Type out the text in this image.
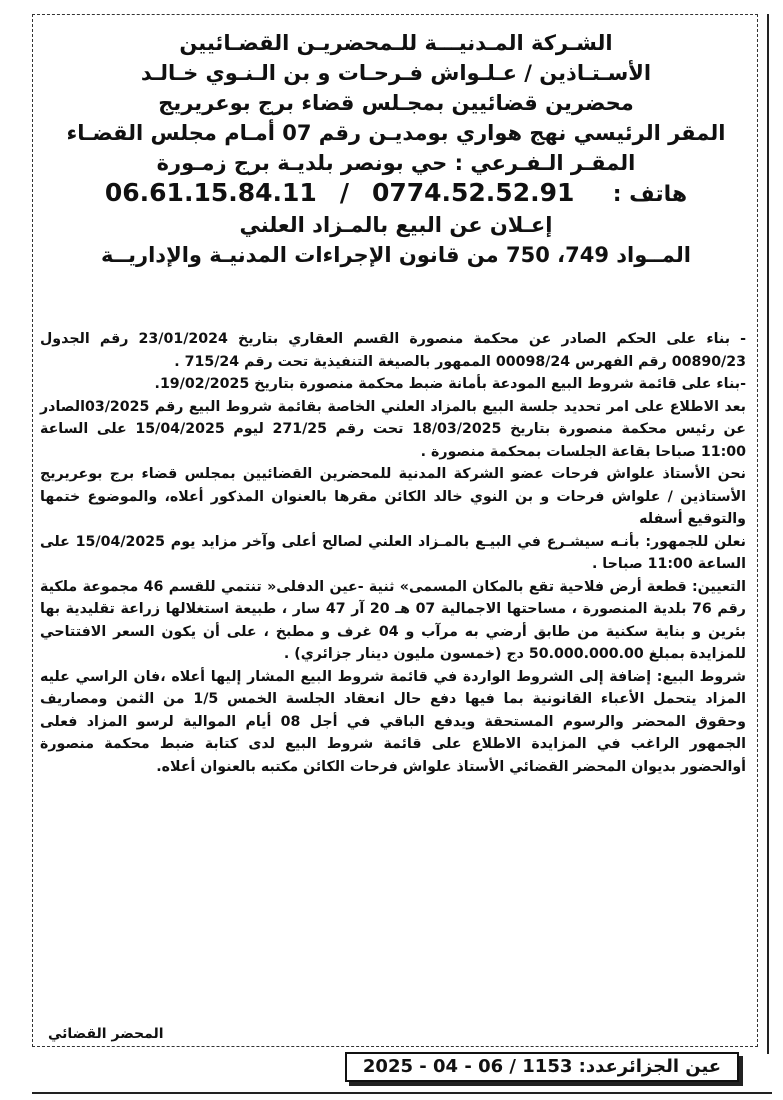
الشـركة المـدنيـــة للـمحضريـن القضـائيين
الأسـتـاذين / عـلـواش فـرحـات و بن الـنـوي خـالـد
محضرين قضائيين بمجـلس قضاء برج بوعريريج
المقر الرئيسي نهج هواري بومديـن رقم 07 أمـام مجلس القضـاء
المقـر الـفـرعي : حي بونصر بلديـة برج زمـورة
هاتف :     0774.52.52.91   /   06.61.15.84.11
إعـلان عن البيع بالمـزاد العلني
المــواد 749، 750 من قانون الإجراءات المدنيـة والإداريــة

- بناء على الحكم الصادر عن محكمة منصورة القسم العقاري بتاريخ 23/01/2024 رقم الجدول 00890/23 رقم الفهرس 00098/24 الممهور بالصيغة التنفيذية تحت رقم 715/24 .

-بناء على قائمة شروط البيع المودعة بأمانة ضبط محكمة منصورة بتاريخ 19/02/2025.

بعد الاطلاع على امر تحديد جلسة البيع بالمزاد العلني الخاصة بقائمة شروط البيع رقم 03/2025الصادر عن رئيس محكمة منصورة بتاريخ 18/03/2025 تحت رقم 271/25 ليوم 15/04/2025 على الساعة 11:00 صباحا بقاعة الجلسات بمحكمة منصورة .

نحن الأستاذ علواش فرحات عضو الشركة المدنية للمحضرين القضائيين بمجلس قضاء برج بوعريريج الأستاذين / علواش فرحات و بن النوي خالد الكائن مقرها بالعنوان المذكور أعلاه، والموضوع ختمها والتوقيع أسفله

نعلن للجمهور: بأنـه سيشـرع في البيـع بالمـزاد العلني لصالح أعلى وآخر مزايد يوم 15/04/2025 على الساعة 11:00 صباحا .

التعيين: قطعة أرض فلاحية تقع بالمكان المسمى» ثنية -عين الدفلى« تنتمي للقسم 46 مجموعة ملكية رقم 76 بلدية المنصورة ، مساحتها الاجمالية 07 هـ 20 آر 47 سار ، طبيعة استغلالها زراعة تقليدية بها بئرين و بناية سكنية من طابق أرضي به مرآب و 04 غرف و مطبخ ، على أن يكون السعر الافتتاحي للمزايدة بمبلغ 50.000.000.00 دج (خمسون مليون دينار جزائري) .

شروط البيع: إضافة إلى الشروط الواردة في قائمة شروط البيع المشار إليها أعلاه ،فان الراسي عليه المزاد يتحمل الأعباء القانونية بما فيها دفع حال انعقاد الجلسة الخمس 1/5 من الثمن ومصاريف وحقوق المحضر والرسوم المستحقة ويدفع الباقي في أجل 08 أيام الموالية لرسو المزاد فعلى الجمهور الراغب في المزايدة الاطلاع على قائمة شروط البيع لدى كتابة ضبط محكمة منصورة أوالحضور بديوان المحضر القضائي الأستاذ علواش فرحات الكائن مكتبه بالعنوان أعلاه.

المحضر القضائي
عين الجزائرعدد: 1153 / 06 - 04 - 2025
